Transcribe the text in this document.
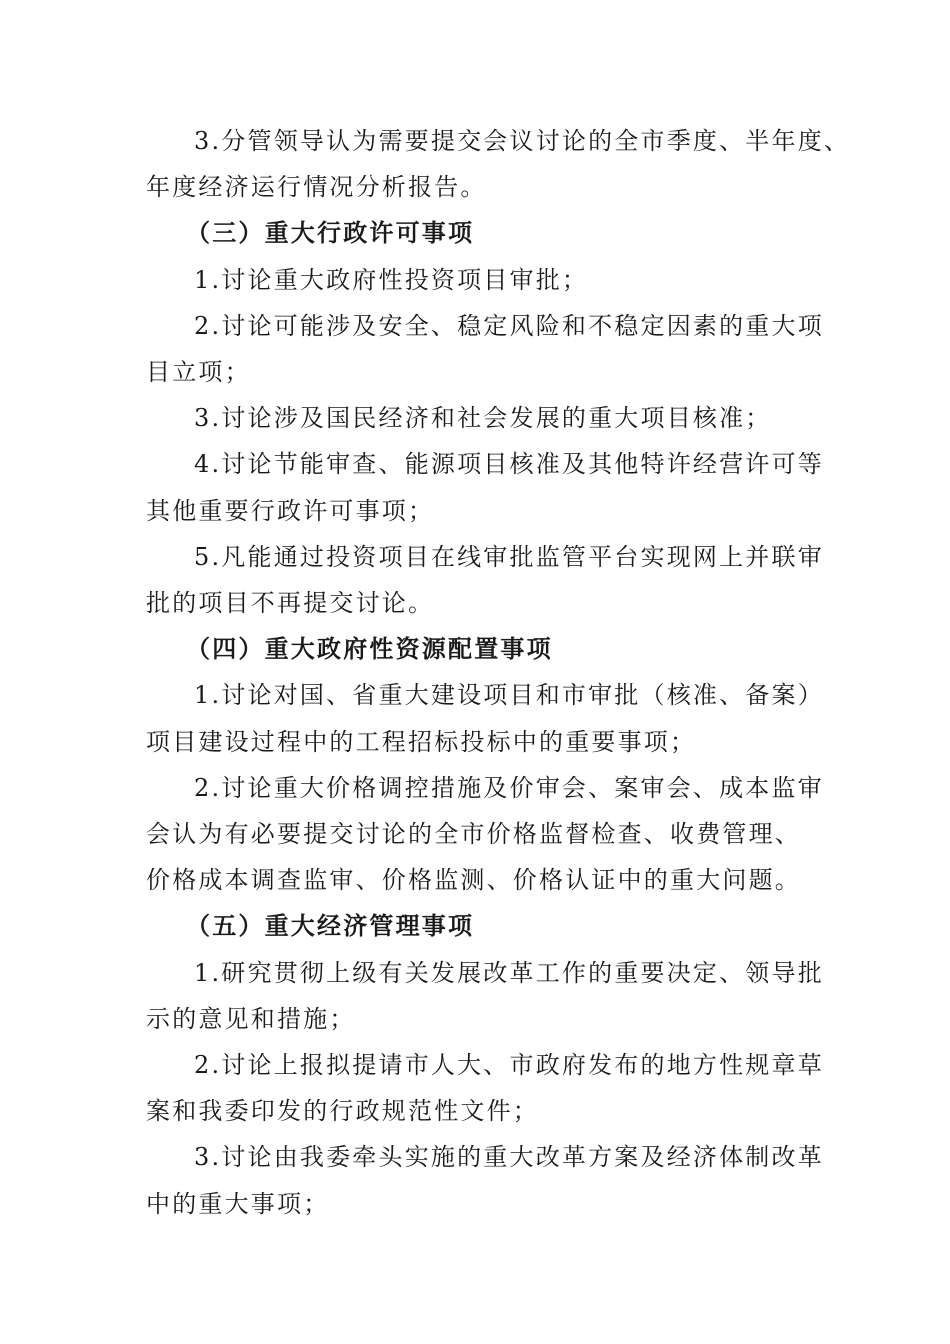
3.分管领导认为需要提交会议讨论的全市季度、半年度、

年度经济运行情况分析报告。

（三）重大行政许可事项

1.讨论重大政府性投资项目审批；

2.讨论可能涉及安全、稳定风险和不稳定因素的重大项

目立项；

3.讨论涉及国民经济和社会发展的重大项目核准；

4.讨论节能审查、能源项目核准及其他特许经营许可等

其他重要行政许可事项；

5.凡能通过投资项目在线审批监管平台实现网上并联审

批的项目不再提交讨论。

（四）重大政府性资源配置事项

1.讨论对国、省重大建设项目和市审批（核准、备案）

项目建设过程中的工程招标投标中的重要事项；

2.讨论重大价格调控措施及价审会、案审会、成本监审

会认为有必要提交讨论的全市价格监督检查、收费管理、

价格成本调查监审、价格监测、价格认证中的重大问题。

（五）重大经济管理事项

1.研究贯彻上级有关发展改革工作的重要决定、领导批

示的意见和措施；

2.讨论上报拟提请市人大、市政府发布的地方性规章草

案和我委印发的行政规范性文件；

3.讨论由我委牵头实施的重大改革方案及经济体制改革

中的重大事项；
